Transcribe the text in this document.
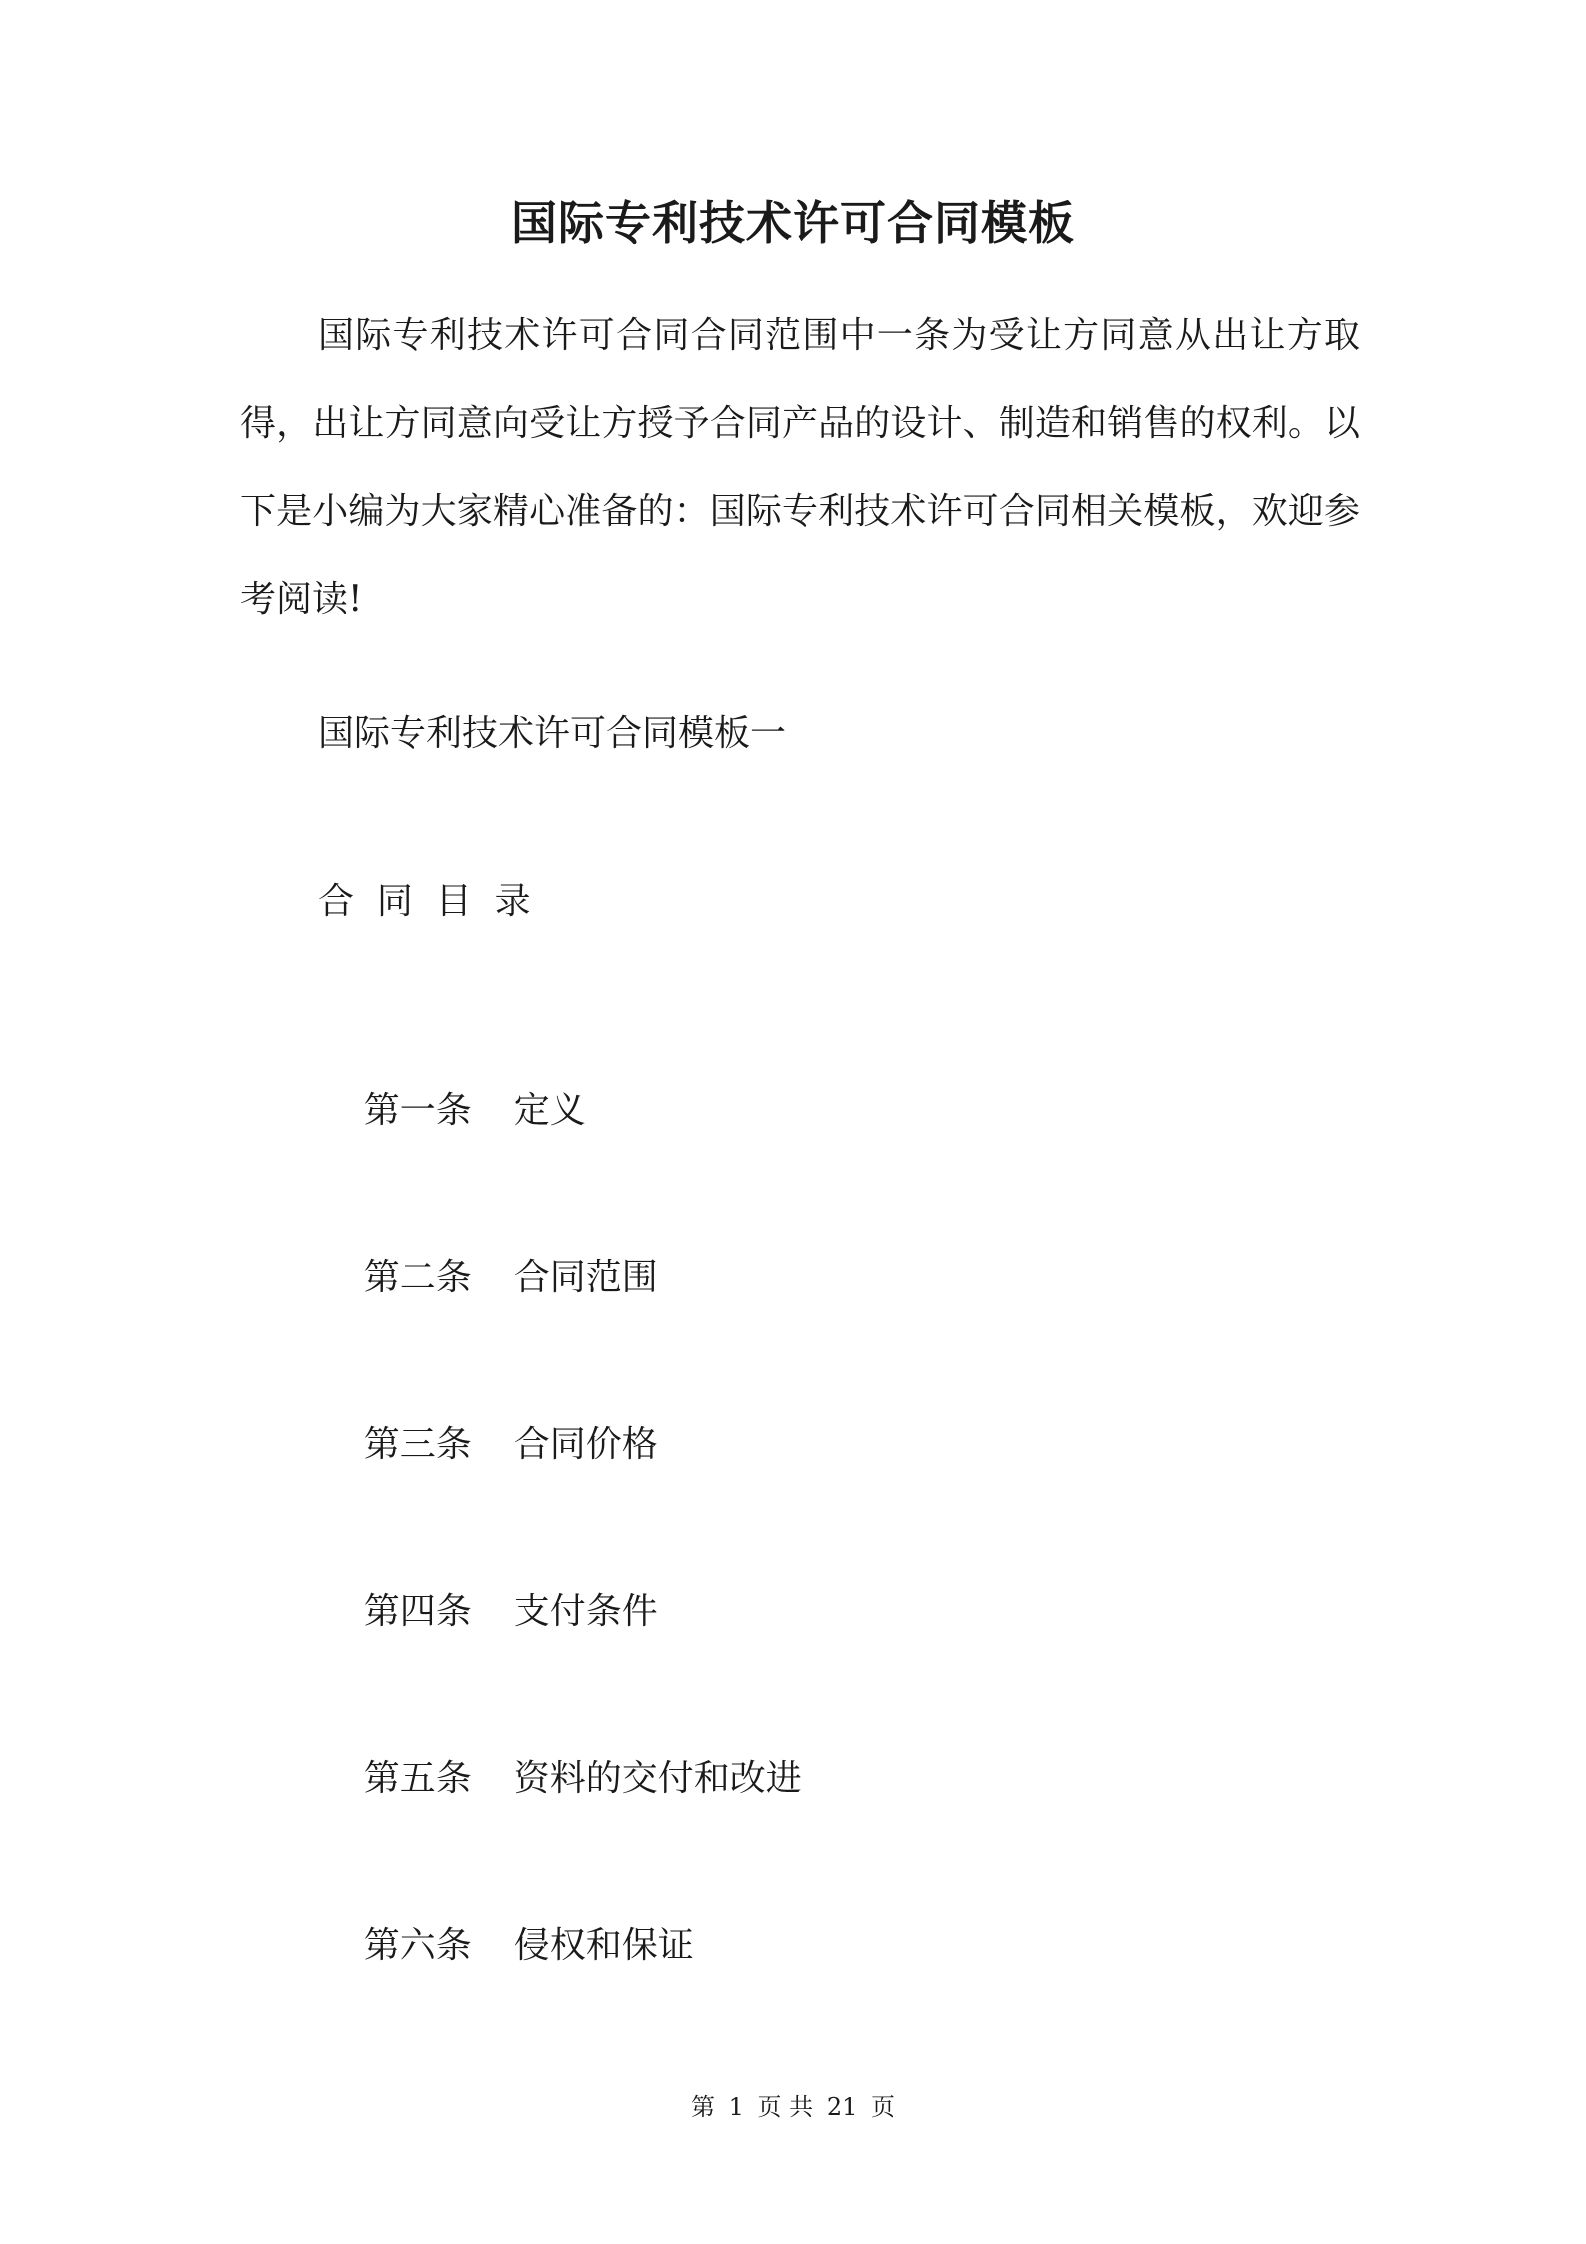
国际专利技术许可合同模板

国际专利技术许可合同合同范围中一条为受让方同意从出让方取得，出让方同意向受让方授予合同产品的设计、制造和销售的权利。以下是小编为大家精心准备的：国际专利技术许可合同相关模板，欢迎参考阅读!

国际专利技术许可合同模板一
合  同  目  录

第一条 定义

第二条 合同范围

第三条 合同价格

第四条 支付条件

第五条 资料的交付和改进

第六条 侵权和保证

第 1 页 共 21 页
